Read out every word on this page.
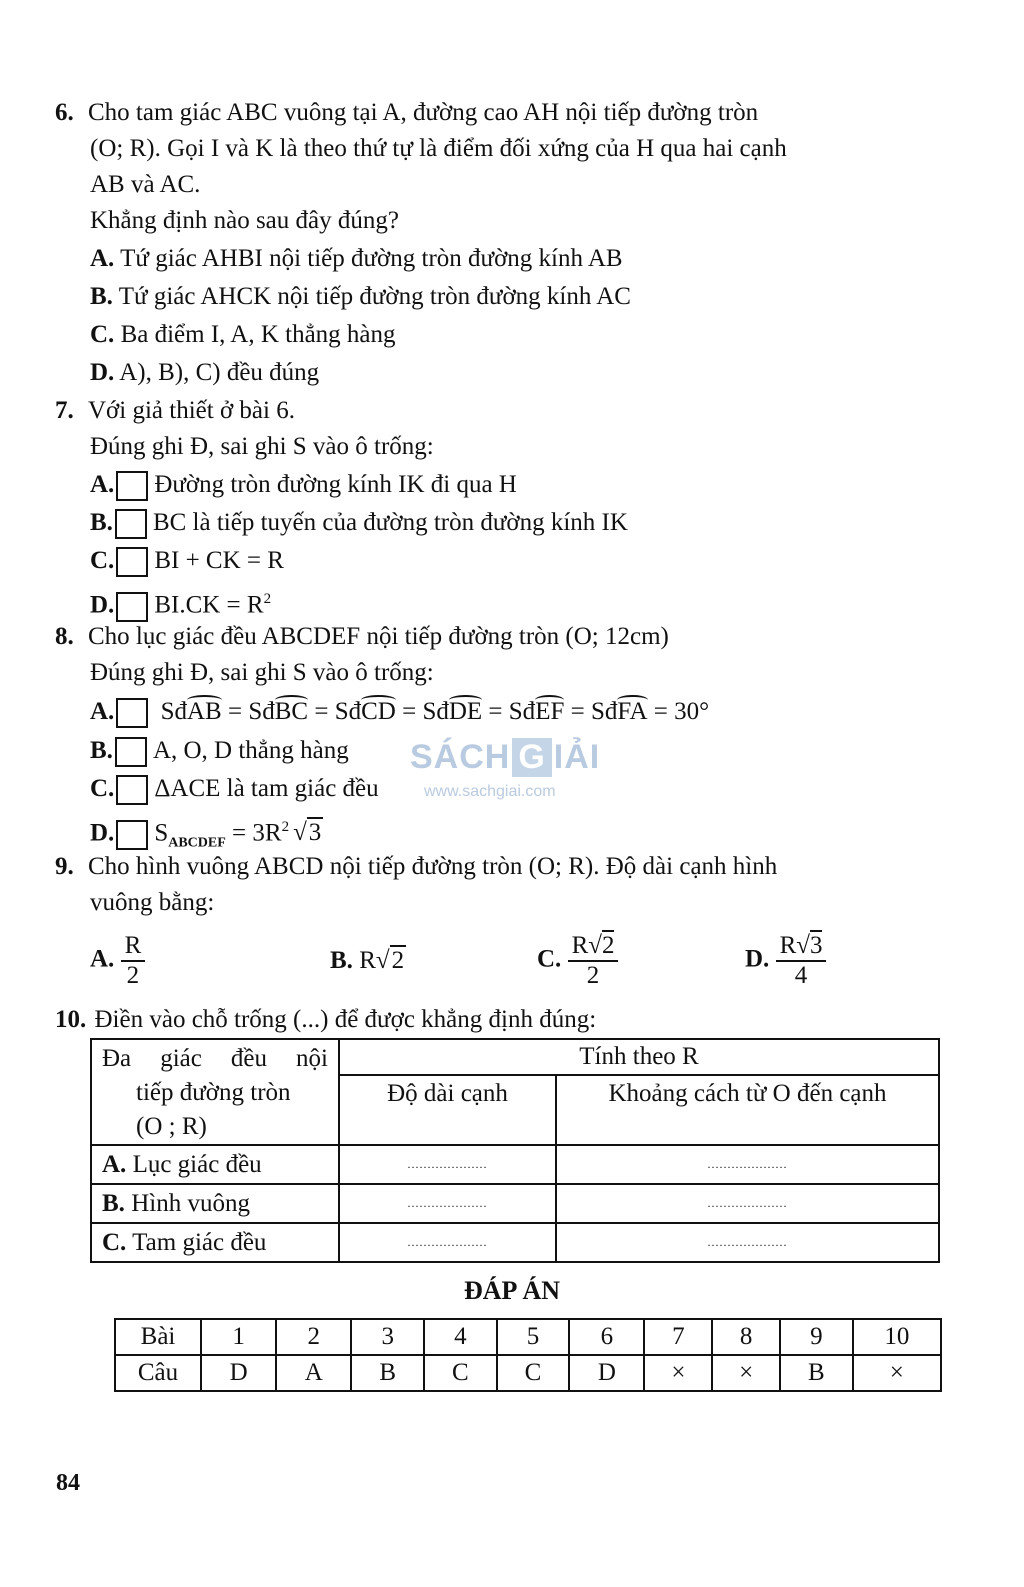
6. Cho tam giác ABC vuông tại A, đường cao AH nội tiếp đường tròn
(O; R). Gọi I và K là theo thứ tự là điểm đối xứng của H qua hai cạnh
AB và AC.
Khẳng định nào sau đây đúng?
A. Tứ giác AHBI nội tiếp đường tròn đường kính AB
B. Tứ giác AHCK nội tiếp đường tròn đường kính AC
C. Ba điểm I, A, K thẳng hàng
D. A), B), C) đều đúng
7. Với giả thiết ở bài 6.
Đúng ghi Đ, sai ghi S vào ô trống:
A. Đường tròn đường kính IK đi qua H
B. BC là tiếp tuyến của đường tròn đường kính IK
C. BI + CK = R
D. $BI.CK = R^2$
8. Cho lục giác đều ABCDEF nội tiếp đường tròn (O; 12cm)
Đúng ghi Đ, sai ghi S vào ô trống:
A. SđAB = SđBC = SđCD = SđDE = SđEF = SđFA = 30°
B. A, O, D thẳng hàng
C. ΔACE là tam giác đều
D. $S_{ABCDEF} = 3R^2$ √3
SÁCH G IẢI
www.sachgiai.com
9. Cho hình vuông ABCD nội tiếp đường tròn (O; R). Độ dài cạnh hình
vuông bằng:
A. $\frac{R}{2}$	B. R√2	C. $\frac{R√2}{2}$	D. $\frac{R√3}{4}$
10. Điền vào chỗ trống (...) để được khẳng định đúng:
Đa giác đều nội
tiếp đường tròn
(O ; R)	Tính theo R	
	Độ dài cạnh	Khoảng cách từ O đến cạnh
A. Lục giác đều	....................	....................
B. Hình vuông	....................	....................
C. Tam giác đều	....................	....................
ĐÁP ÁN
Bài	1	2	3	4	5	6	7	8	9	10
Câu	D	A	B	C	C	D	×	×	B	×
84
